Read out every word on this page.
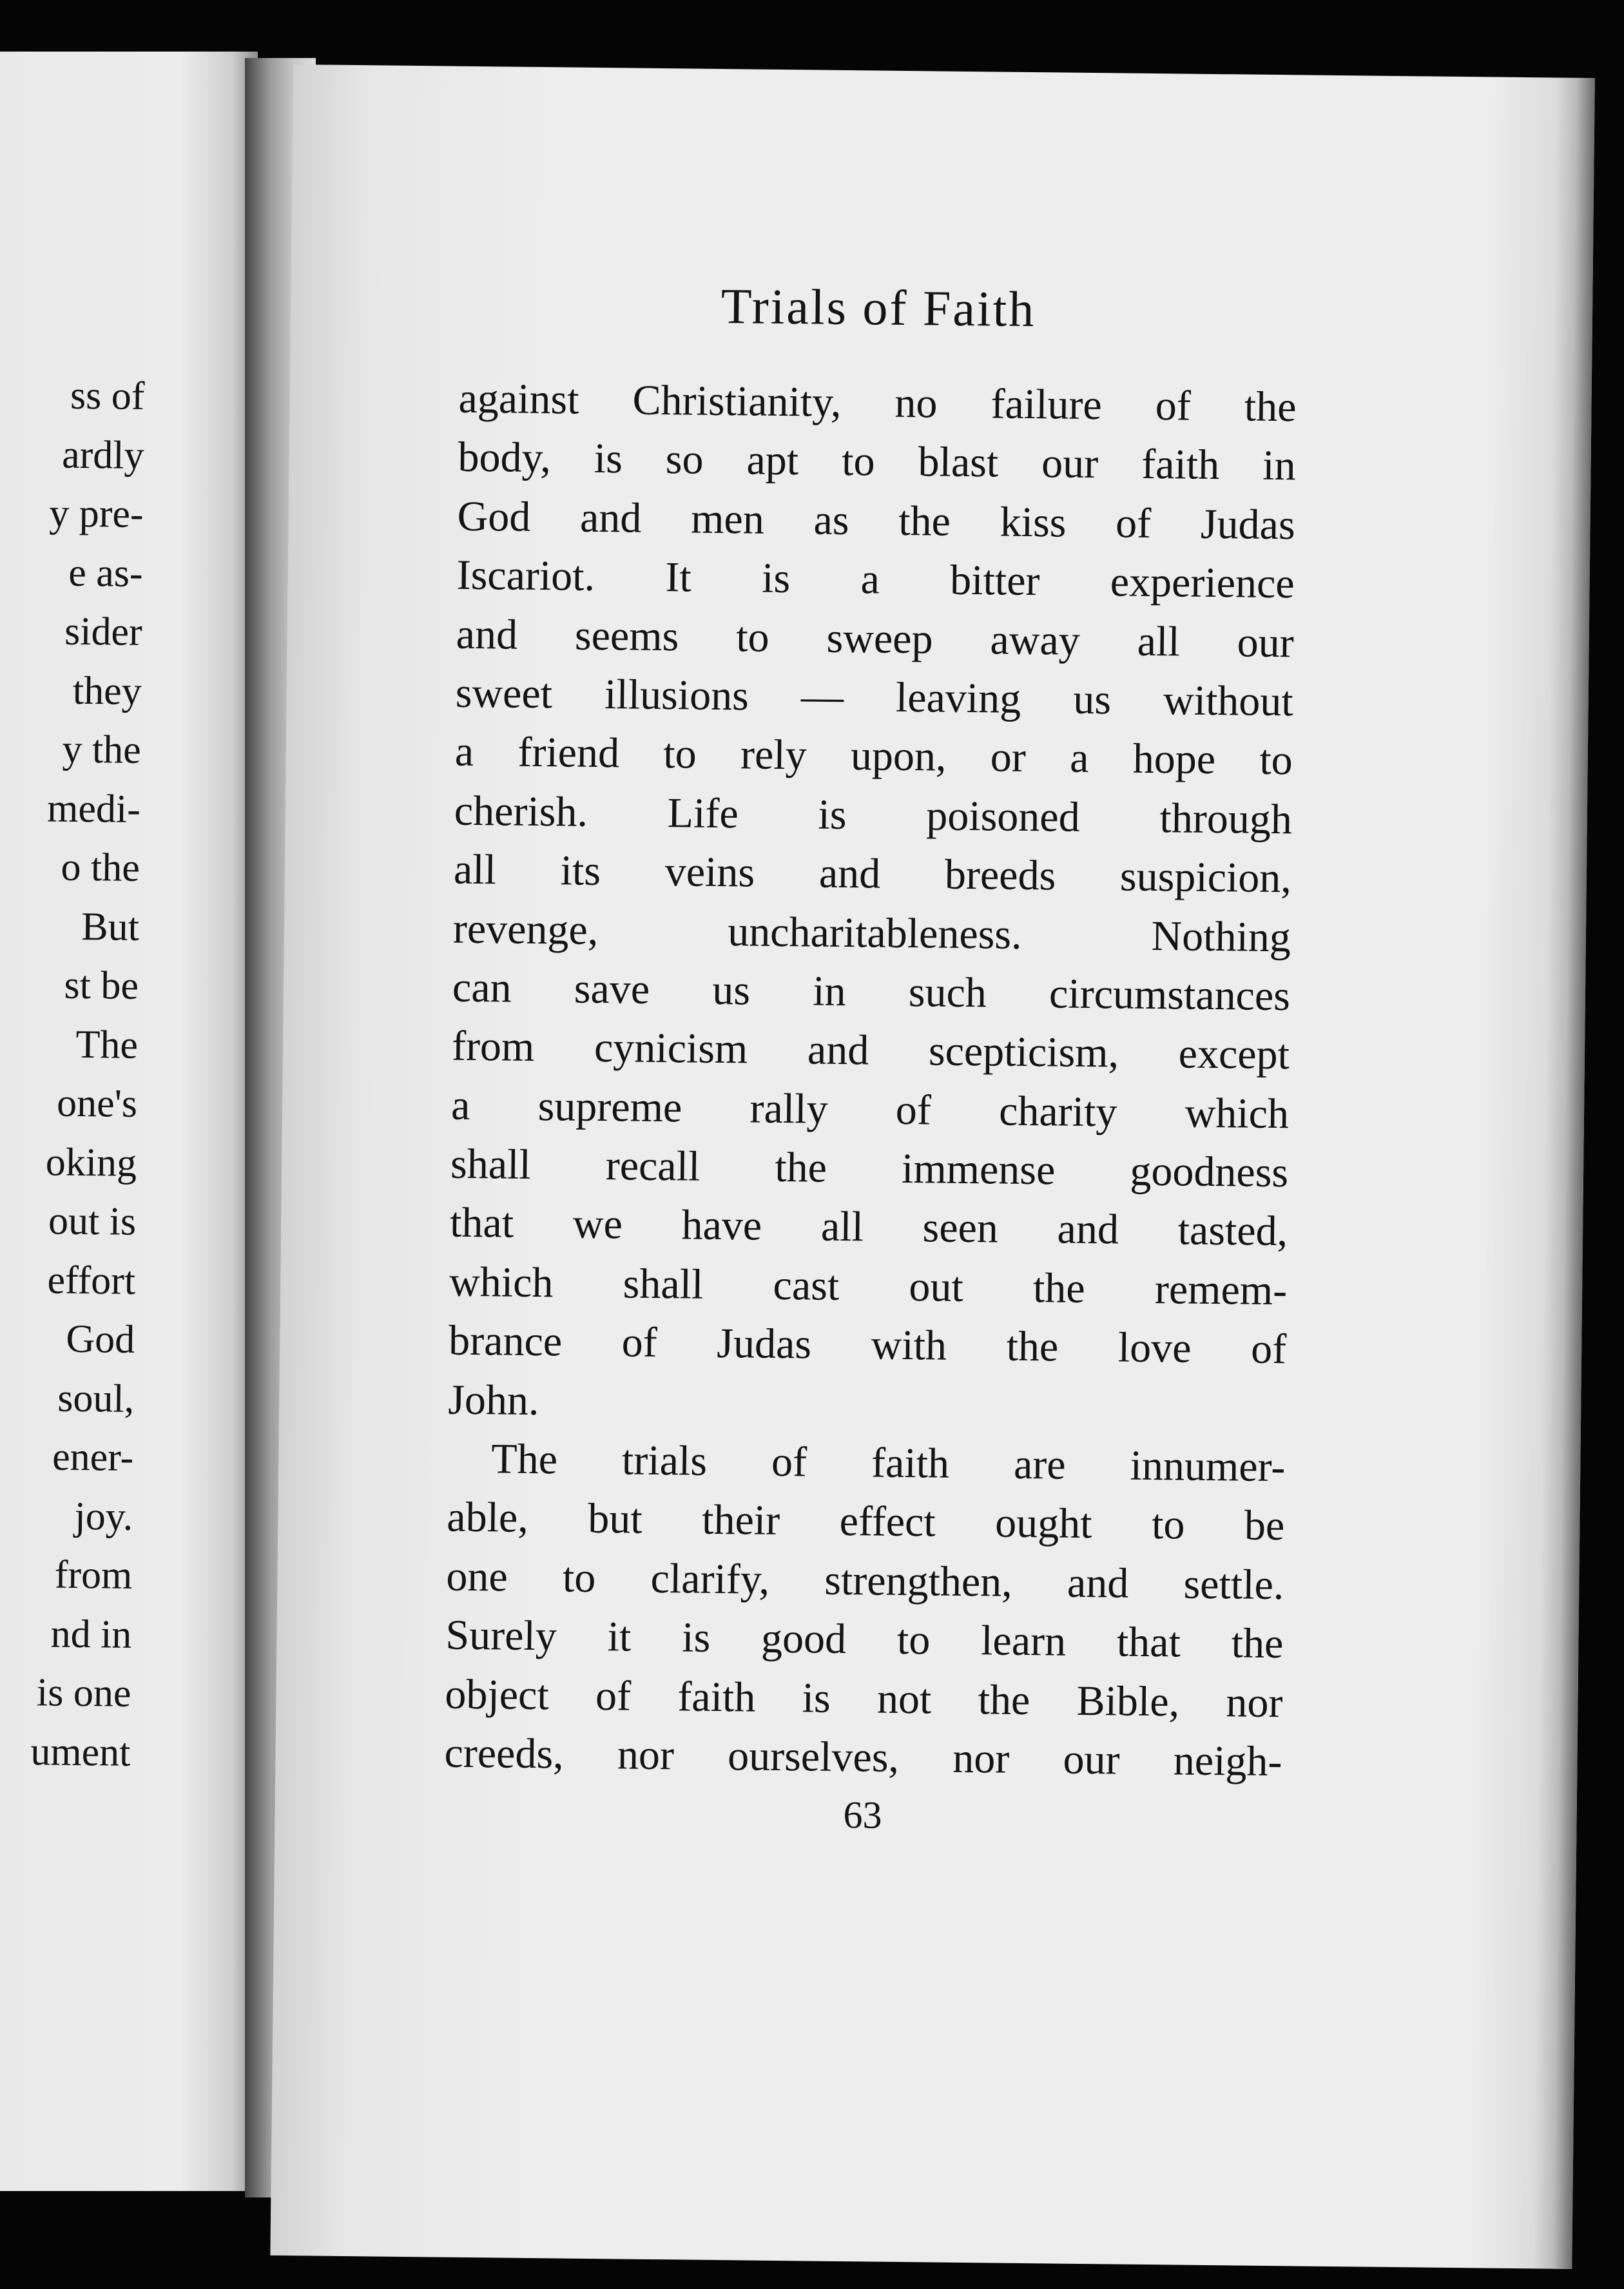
ss of
ardly
y pre-
e as-
sider
they
y the
medi-
o the
But
st be
The
one's
oking
out is
effort
God
soul,
ener-
joy.
from
nd in
is one
ument
Trials of Faith
against Christianity, no failure of the
body, is so apt to blast our faith in
God and men as the kiss of Judas
Iscariot. It is a bitter experience
and seems to sweep away all our
sweet illusions — leaving us without
a friend to rely upon, or a hope to
cherish. Life is poisoned through
all its veins and breeds suspicion,
revenge, uncharitableness. Nothing
can save us in such circumstances
from cynicism and scepticism, except
a supreme rally of charity which
shall recall the immense goodness
that we have all seen and tasted,
which shall cast out the remem-
brance of Judas with the love of
John.
The trials of faith are innumer-
able, but their effect ought to be
one to clarify, strengthen, and settle.
Surely it is good to learn that the
object of faith is not the Bible, nor
creeds, nor ourselves, nor our neigh-
63
